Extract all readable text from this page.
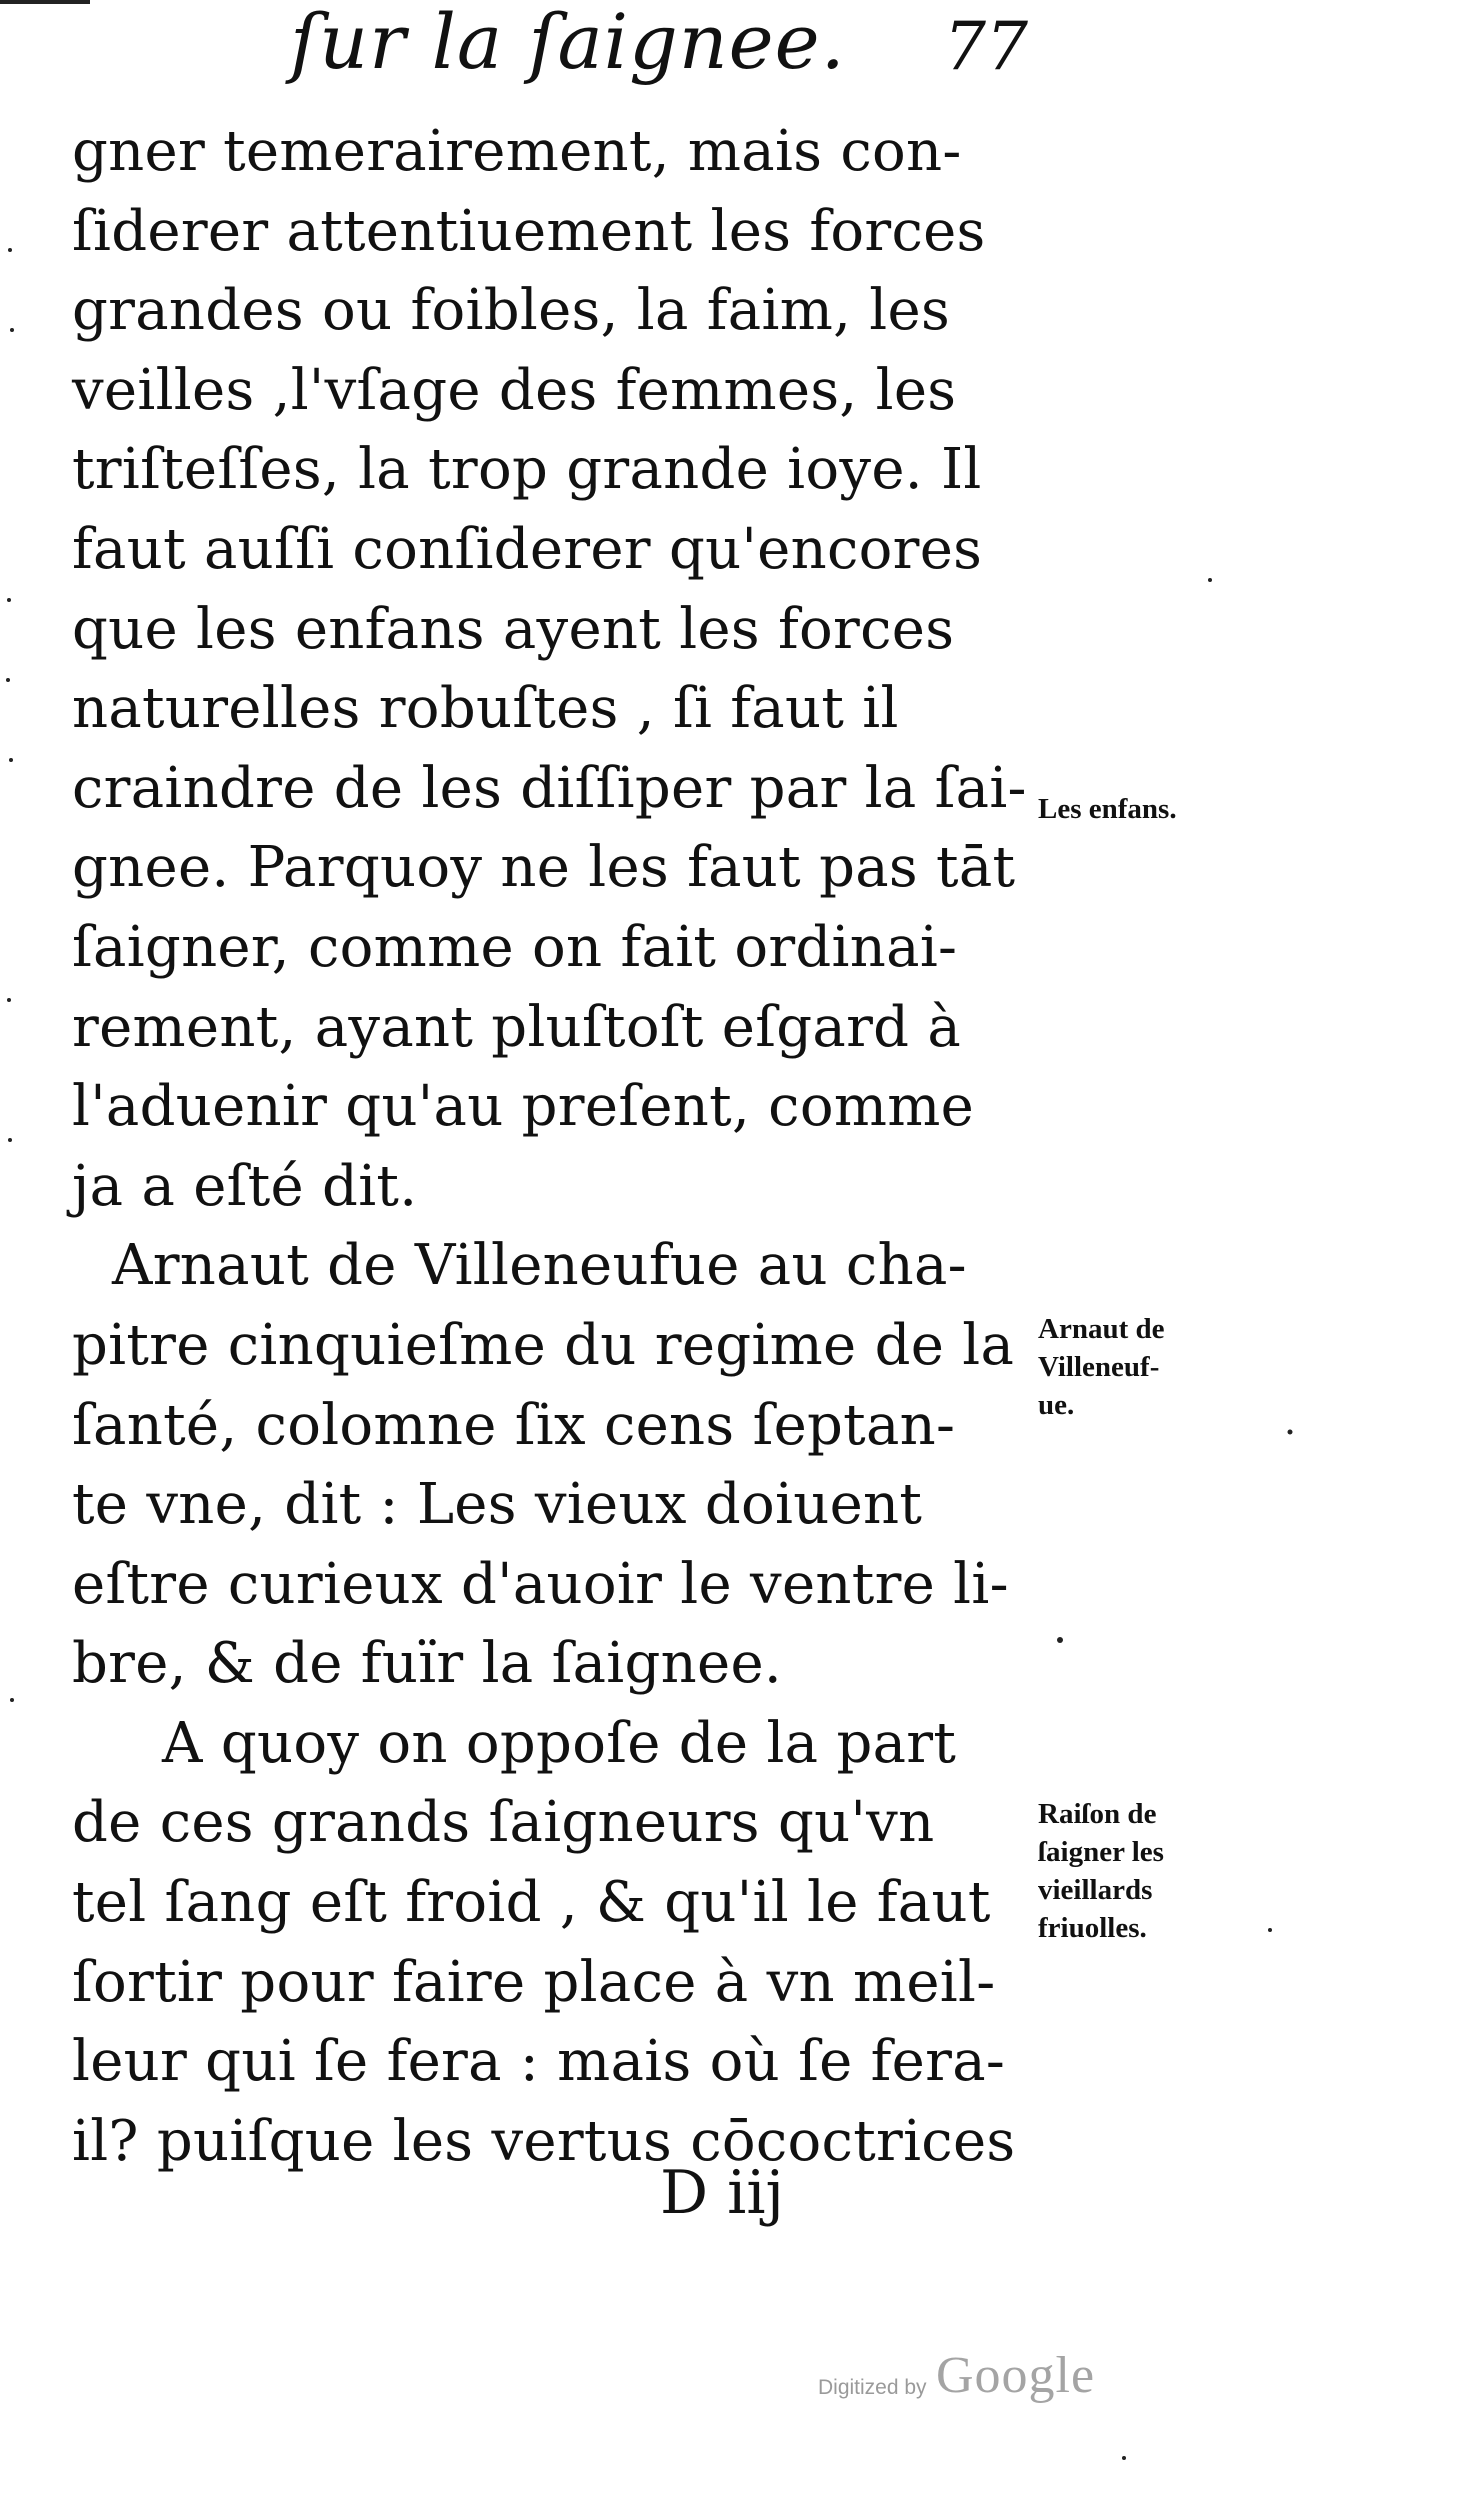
ſur la ſaignee. 77
gner temerairement, mais con-
ſiderer attentiuement les forces
grandes ou foibles, la faim, les
veilles ,l'vſage des femmes, les
triſteſſes, la trop grande ioye. Il
faut auſſi conſiderer qu'encores
que les enfans ayent les forces
naturelles robuſtes , ſi faut il
craindre de les diſſiper par la ſai-
gnee. Parquoy ne les faut pas tāt
ſaigner, comme on fait ordinai-
rement, ayant pluſtoſt eſgard à
l'aduenir qu'au preſent, comme
ja a eſté dit.
Arnaut de Villeneufue au cha-
pitre cinquieſme du regime de la
ſanté, colomne ſix cens ſeptan-
te vne, dit : Les vieux doiuent
eſtre curieux d'auoir le ventre li-
bre, & de fuïr la ſaignee.
A quoy on oppoſe de la part
de ces grands ſaigneurs qu'vn
tel ſang eſt froid , & qu'il le faut
ſortir pour faire place à vn meil-
leur qui ſe fera : mais où ſe fera-
il? puiſque les vertus cōcoctrices
Les enfans.
Arnaut de
Villeneuf-
ue.
Raiſon de
ſaigner les
vieillards
friuolles.
D iij
Digitized by Google
